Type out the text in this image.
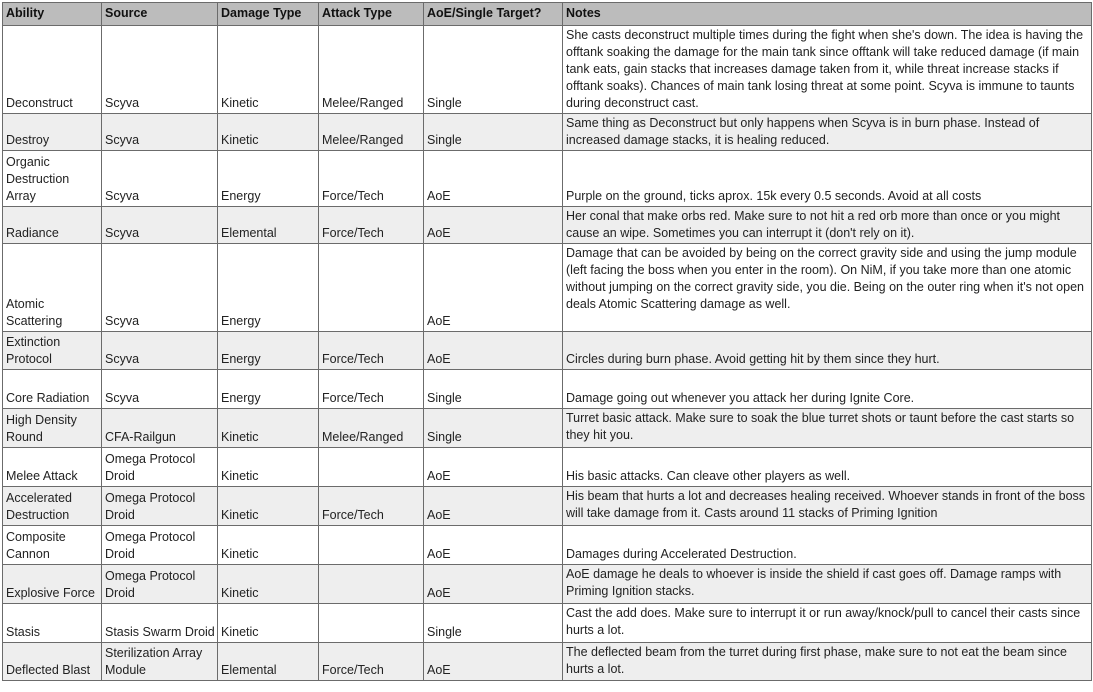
Ability	Source	Damage Type	Attack Type	AoE/Single Target?	Notes
Deconstruct	Scyva	Kinetic	Melee/Ranged	Single	She casts deconstruct multiple times during the fight when she's down. The idea is having the offtank soaking the damage for the main tank since offtank will take reduced damage (if main tank eats, gain stacks that increases damage taken from it, while threat increase stacks if offtank soaks). Chances of main tank losing threat at some point. Scyva is immune to taunts during deconstruct cast.
Destroy	Scyva	Kinetic	Melee/Ranged	Single	Same thing as Deconstruct but only happens when Scyva is in burn phase. Instead of increased damage stacks, it is healing reduced.
Organic Destruction Array	Scyva	Energy	Force/Tech	AoE	Purple on the ground, ticks aprox. 15k every 0.5 seconds. Avoid at all costs
Radiance	Scyva	Elemental	Force/Tech	AoE	Her conal that make orbs red. Make sure to not hit a red orb more than once or you might cause an wipe. Sometimes you can interrupt it (don't rely on it).
Atomic Scattering	Scyva	Energy		AoE	Damage that can be avoided by being on the correct gravity side and using the jump module (left facing the boss when you enter in the room). On NiM, if you take more than one atomic without jumping on the correct gravity side, you die. Being on the outer ring when it's not open deals Atomic Scattering damage as well.
Extinction Protocol	Scyva	Energy	Force/Tech	AoE	Circles during burn phase. Avoid getting hit by them since they hurt.
Core Radiation	Scyva	Energy	Force/Tech	Single	Damage going out whenever you attack her during Ignite Core.
High Density Round	CFA-Railgun	Kinetic	Melee/Ranged	Single	Turret basic attack. Make sure to soak the blue turret shots or taunt before the cast starts so they hit you.
Melee Attack	Omega Protocol Droid	Kinetic		AoE	His basic attacks. Can cleave other players as well.
Accelerated Destruction	Omega Protocol Droid	Kinetic	Force/Tech	AoE	His beam that hurts a lot and decreases healing received. Whoever stands in front of the boss will take damage from it. Casts around 11 stacks of Priming Ignition
Composite Cannon	Omega Protocol Droid	Kinetic		AoE	Damages during Accelerated Destruction.
Explosive Force	Omega Protocol Droid	Kinetic		AoE	AoE damage he deals to whoever is inside the shield if cast goes off. Damage ramps with Priming Ignition stacks.
Stasis	Stasis Swarm Droid	Kinetic		Single	Cast the add does. Make sure to interrupt it or run away/knock/pull to cancel their casts since hurts a lot.
Deflected Blast	Sterilization Array Module	Elemental	Force/Tech	AoE	The deflected beam from the turret during first phase, make sure to not eat the beam since hurts a lot.
